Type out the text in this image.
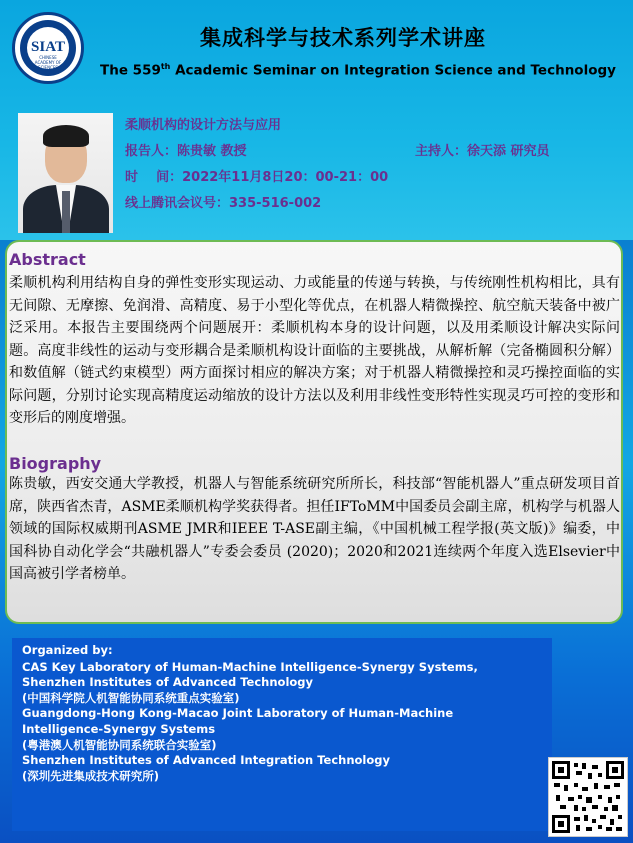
SIAT
CHINESE ACADEMY OF SCIENCES
集成科学与技术系列学术讲座
The 559th Academic Seminar on Integration Science and Technology
柔顺机构的设计方法与应用
报告人：陈贵敏 教授	主持人：徐天添 研究员
时    间：2022年11月8日20：00-21：00
线上腾讯会议号：335-516-002
Abstract
柔顺机构利用结构自身的弹性变形实现运动、力或能量的传递与转换，与传统刚性机构相比，具有无间隙、无摩擦、免润滑、高精度、易于小型化等优点，在机器人精微操控、航空航天装备中被广泛采用。本报告主要围绕两个问题展开：柔顺机构本身的设计问题，以及用柔顺设计解决实际问题。高度非线性的运动与变形耦合是柔顺机构设计面临的主要挑战，从解析解（完备椭圆积分解）和数值解（链式约束模型）两方面探讨相应的解决方案；对于机器人精微操控和灵巧操控面临的实际问题，分别讨论实现高精度运动缩放的设计方法以及利用非线性变形特性实现灵巧可控的变形和变形后的刚度增强。
Biography
陈贵敏，西安交通大学教授，机器人与智能系统研究所所长，科技部“智能机器人”重点研发项目首席，陕西省杰青，ASME柔顺机构学奖获得者。担任IFToMM中国委员会副主席，机构学与机器人领域的国际权威期刊ASME JMR和IEEE T-ASE副主编，《中国机械工程学报(英文版)》编委，中国科协自动化学会“共融机器人”专委会委员 (2020)；2020和2021连续两个年度入选Elsevier中国高被引学者榜单。
Organized by:
CAS Key Laboratory of Human-Machine Intelligence-Synergy Systems,
Shenzhen Institutes of Advanced Technology
(中国科学院人机智能协同系统重点实验室)
Guangdong-Hong Kong-Macao Joint Laboratory of Human-Machine
Intelligence-Synergy Systems
(粤港澳人机智能协同系统联合实验室)
Shenzhen Institutes of Advanced Integration Technology
(深圳先进集成技术研究所)
